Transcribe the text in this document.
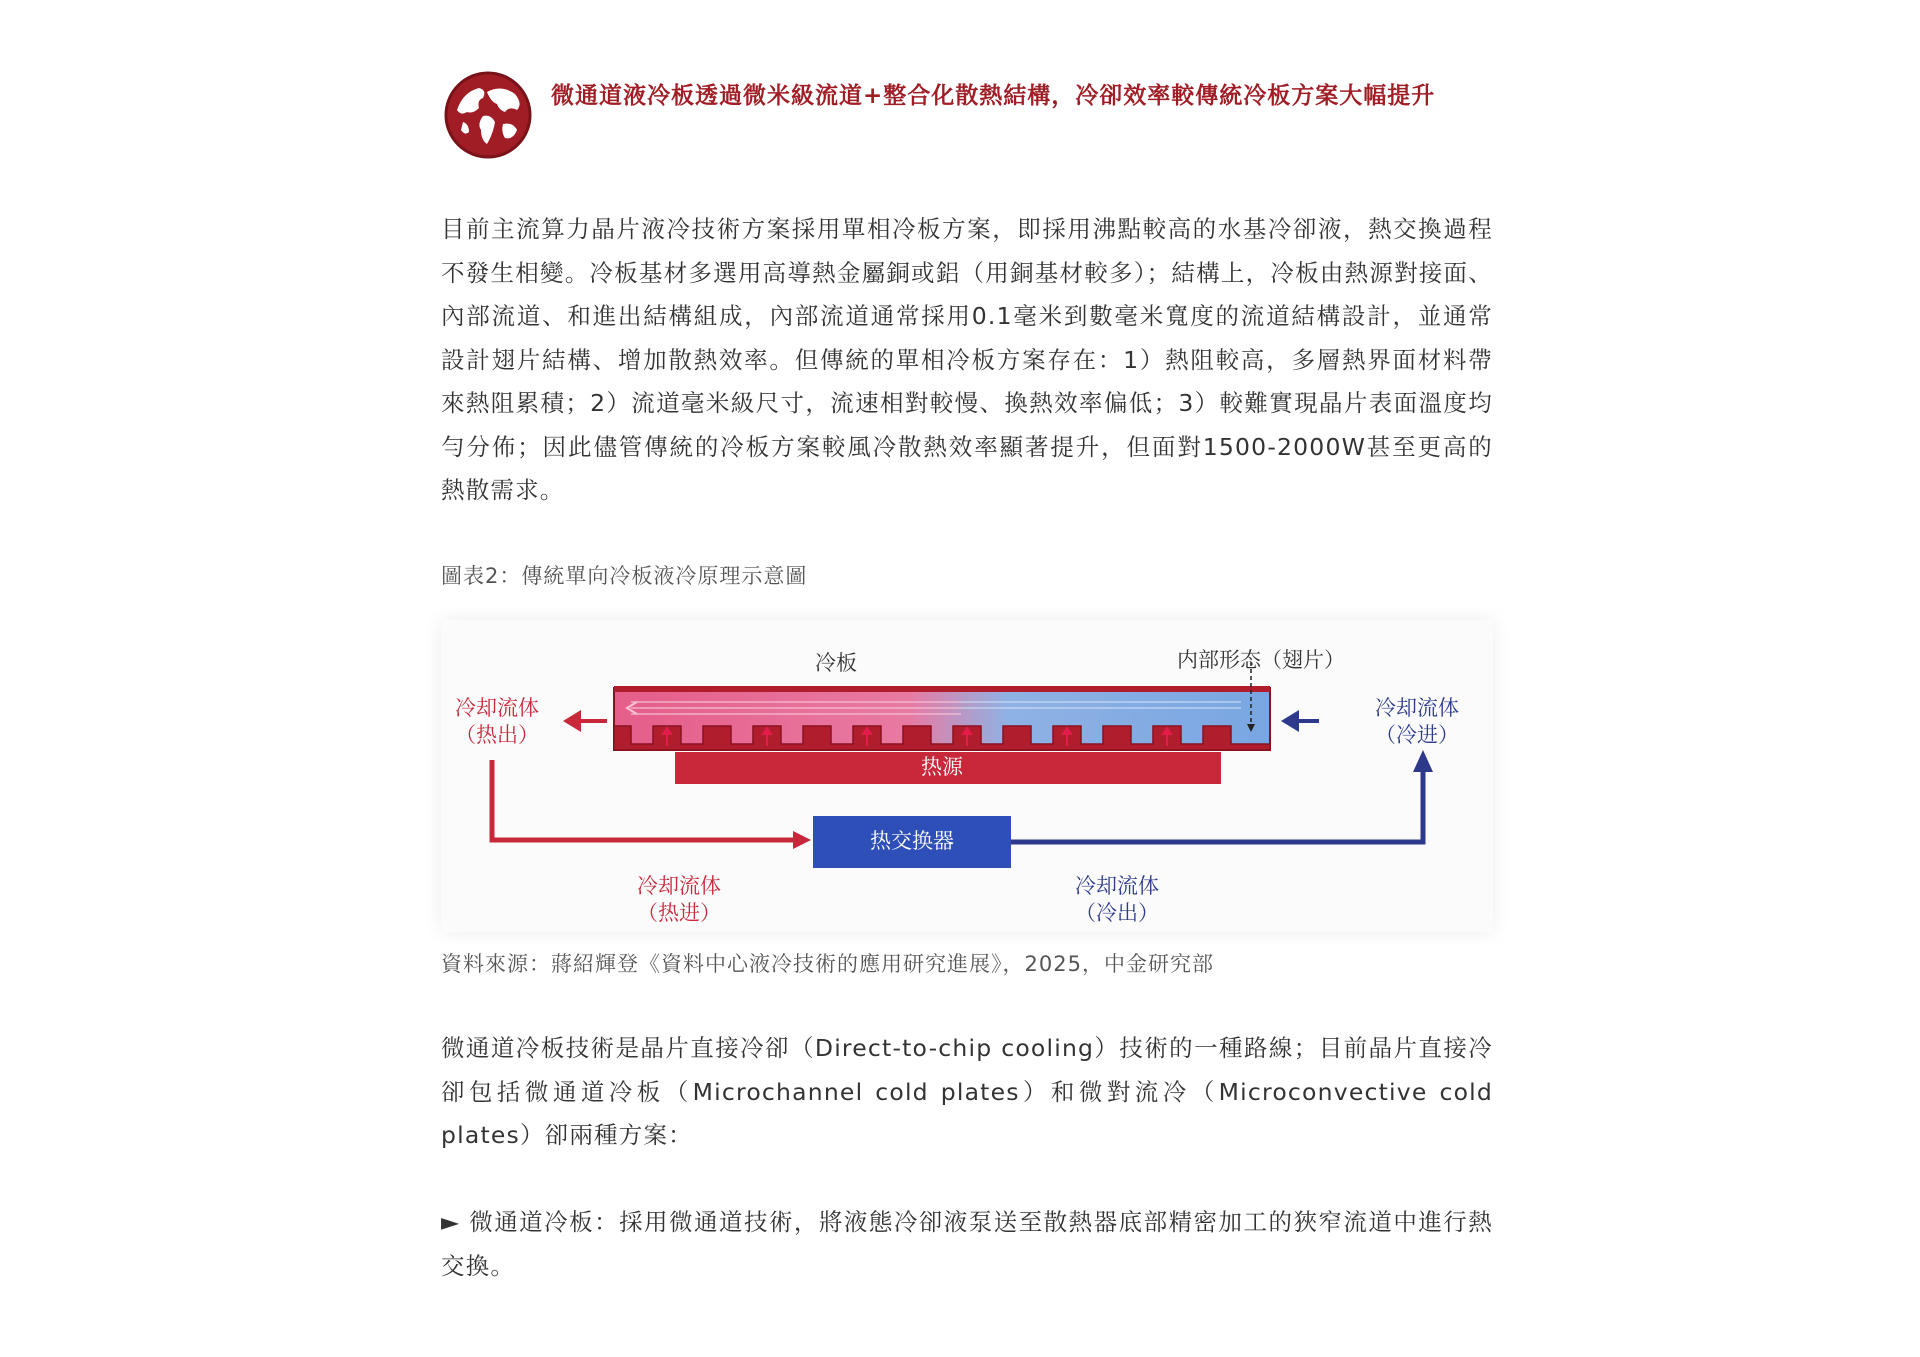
微通道液冷板透過微米級流道+整合化散熱結構，冷卻效率較傳統冷板方案大幅提升

目前主流算力晶片液冷技術方案採用單相冷板方案，即採用沸點較高的水基冷卻液，熱交換過程不發生相變。冷板基材多選用高導熱金屬銅或鋁（用銅基材較多）；結構上，冷板由熱源對接面、內部流道、和進出結構組成，內部流道通常採用0.1毫米到數毫米寬度的流道結構設計，並通常設計翅片結構、增加散熱效率。但傳統的單相冷板方案存在：1）熱阻較高，多層熱界面材料帶來熱阻累積；2）流道毫米級尺寸，流速相對較慢、換熱效率偏低；3）較難實現晶片表面溫度均勻分佈；因此儘管傳統的冷板方案較風冷散熱效率顯著提升，但面對1500-2000W甚至更高的熱散需求。

圖表2：傳統單向冷板液冷原理示意圖
冷板	内部形态（翅片）
冷却流体
（热出）
冷却流体
（冷进）
热源
热交换器
冷却流体
（热进）
冷却流体
（冷出）
資料來源：蔣紹輝登《資料中心液冷技術的應用研究進展》，2025，中金研究部

微通道冷板技術是晶片直接冷卻（Direct-to-chip cooling）技術的一種路線；目前晶片直接冷卻包括微通道冷板（Microchannel cold plates）和微對流冷（Microconvective cold plates）卻兩種方案：

► 微通道冷板：採用微通道技術，將液態冷卻液泵送至散熱器底部精密加工的狹窄流道中進行熱交換。
